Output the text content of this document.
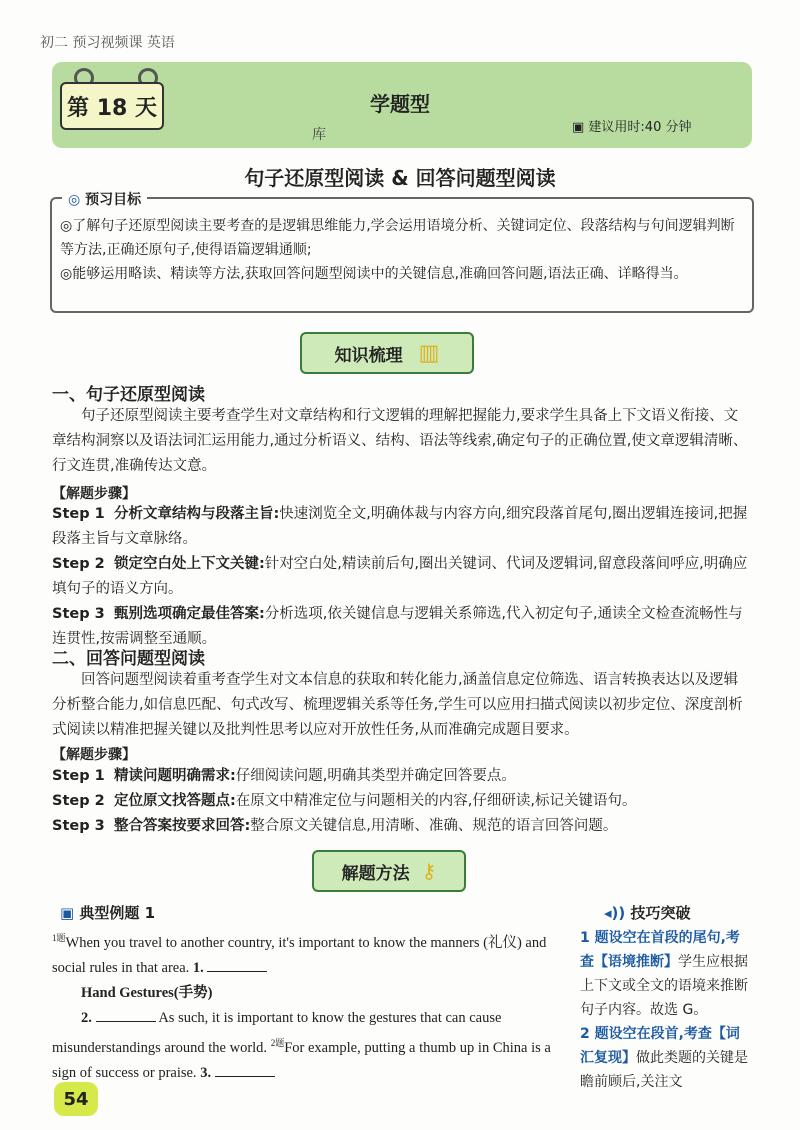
初二 预习视频课 英语
第 18 天	学题型
库	▣ 建议用时:40 分钟
句子还原型阅读 & 回答问题型阅读
◎ 预习目标
◎了解句子还原型阅读主要考查的是逻辑思维能力,学会运用语境分析、关键词定位、段落结构与句间逻辑判断等方法,正确还原句子,使得语篇逻辑通顺;
◎能够运用略读、精读等方法,获取回答问题型阅读中的关键信息,准确回答问题,语法正确、详略得当。
知识梳理 ▥
一、句子还原型阅读
句子还原型阅读主要考查学生对文章结构和行文逻辑的理解把握能力,要求学生具备上下文语义衔接、文章结构洞察以及语法词汇运用能力,通过分析语义、结构、语法等线索,确定句子的正确位置,使文章逻辑清晰、行文连贯,准确传达文意。
【解题步骤】
Step 1 分析文章结构与段落主旨:快速浏览全文,明确体裁与内容方向,细究段落首尾句,圈出逻辑连接词,把握段落主旨与文章脉络。
Step 2 锁定空白处上下文关键:针对空白处,精读前后句,圈出关键词、代词及逻辑词,留意段落间呼应,明确应填句子的语义方向。
Step 3 甄别选项确定最佳答案:分析选项,依关键信息与逻辑关系筛选,代入初定句子,通读全文检查流畅性与连贯性,按需调整至通顺。
二、回答问题型阅读
回答问题型阅读着重考查学生对文本信息的获取和转化能力,涵盖信息定位筛选、语言转换表达以及逻辑分析整合能力,如信息匹配、句式改写、梳理逻辑关系等任务,学生可以应用扫描式阅读以初步定位、深度剖析式阅读以精准把握关键以及批判性思考以应对开放性任务,从而准确完成题目要求。
【解题步骤】
Step 1 精读问题明确需求:仔细阅读问题,明确其类型并确定回答要点。
Step 2 定位原文找答题点:在原文中精准定位与问题相关的内容,仔细研读,标记关键语句。
Step 3 整合答案按要求回答:整合原文关键信息,用清晰、准确、规范的语言回答问题。
解题方法 ⚷
▣ 典型例题 1
$^{1题}$When you travel to another country, it's important to know the manners (礼仪) and social rules in that area. 1.
Hand Gestures(手势)
2.	As such, it is important to know the gestures that can cause misunderstandings around the world. $^{2题}$For example, putting a thumb up in China is a sign of success or praise. 3.
◂)) 技巧突破
1 题设空在首段的尾句,考查【语境推断】学生应根据上下文或全文的语境来推断句子内容。故选 G。
2 题设空在段首,考查【词汇复现】做此类题的关键是瞻前顾后,关注文
54
